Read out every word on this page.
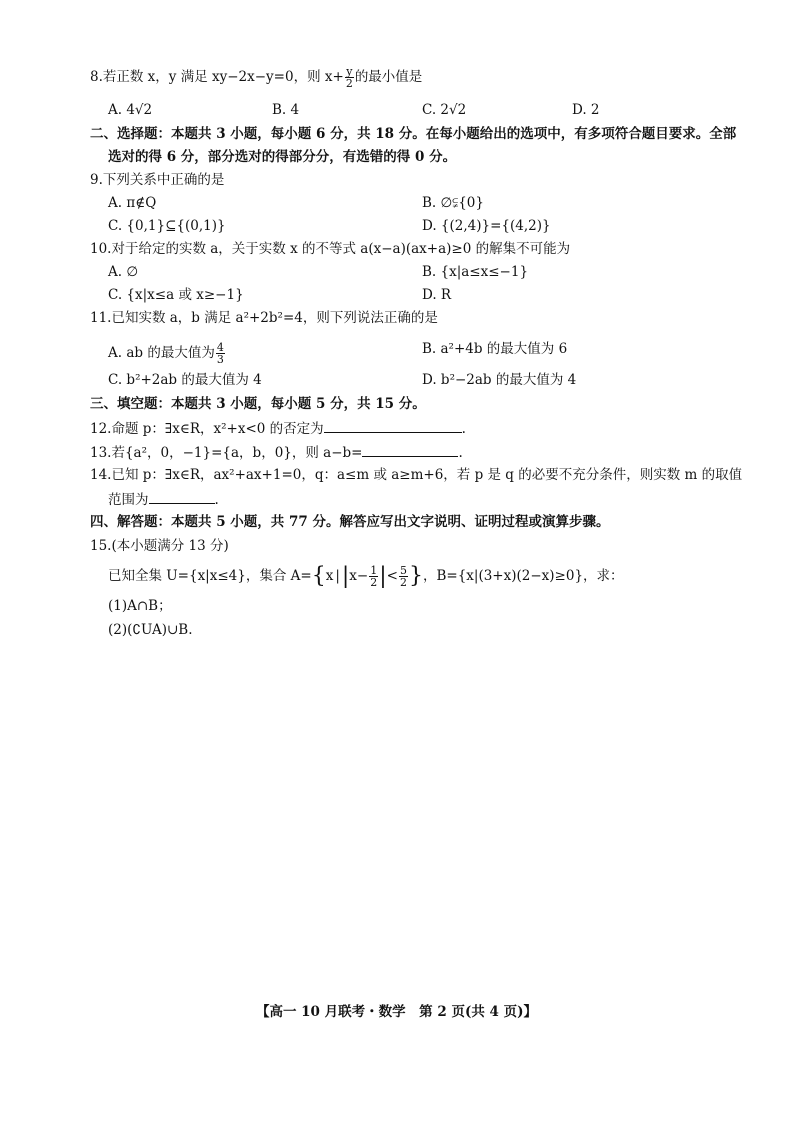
8.若正数 x，y 满足 xy−2x−y=0，则 $x+ \frac{y}{2}$ 的最小值是
A. 4√2	B. 4	C. 2√2	D. 2
二、选择题：本题共 3 小题，每小题 6 分，共 18 分。在每小题给出的选项中，有多项符合题目要求。全部
选对的得 6 分，部分选对的得部分分，有选错的得 0 分。
9.下列关系中正确的是
A. π∉Q	B. ∅⫋{0}
C. {0,1}⊆{(0,1)}	D. {(2,4)}={(4,2)}
10.对于给定的实数 a，关于实数 x 的不等式 a(x−a)(ax+a)≥0 的解集不可能为
A. ∅	B. {x|a≤x≤−1}
C. {x|x≤a 或 x≥−1}	D. R
11.已知实数 a，b 满足 a²+2b²=4，则下列说法正确的是
A. ab 的最大值为 $\frac{4}{3}$	B. a²+4b 的最大值为 6
C. b²+2ab 的最大值为 4	D. b²−2ab 的最大值为 4
三、填空题：本题共 3 小题，每小题 5 分，共 15 分。
12.命题 p：∃x∈R，x²+x<0 的否定为	.
13.若{a²，0，−1}={a，b，0}，则 a−b=	.
14.已知 p：∃x∈R，ax²+ax+1=0，q：a≤m 或 a≥m+6，若 p 是 q 的必要不充分条件，则实数 m 的取值
范围为	.
四、解答题：本题共 5 小题，共 77 分。解答应写出文字说明、证明过程或演算步骤。
15.(本小题满分 13 分)
已知全集 U={x|x≤4}，集合 A={x $||x- \frac{1}{2}$ |< $\frac{5}{2}$ }，B={x|(3+x)(2−x)≥0}，求：
(1)A∩B；
(2)(∁UA)∪B.
【高一 10 月联考・数学　第 2 页(共 4 页)】
